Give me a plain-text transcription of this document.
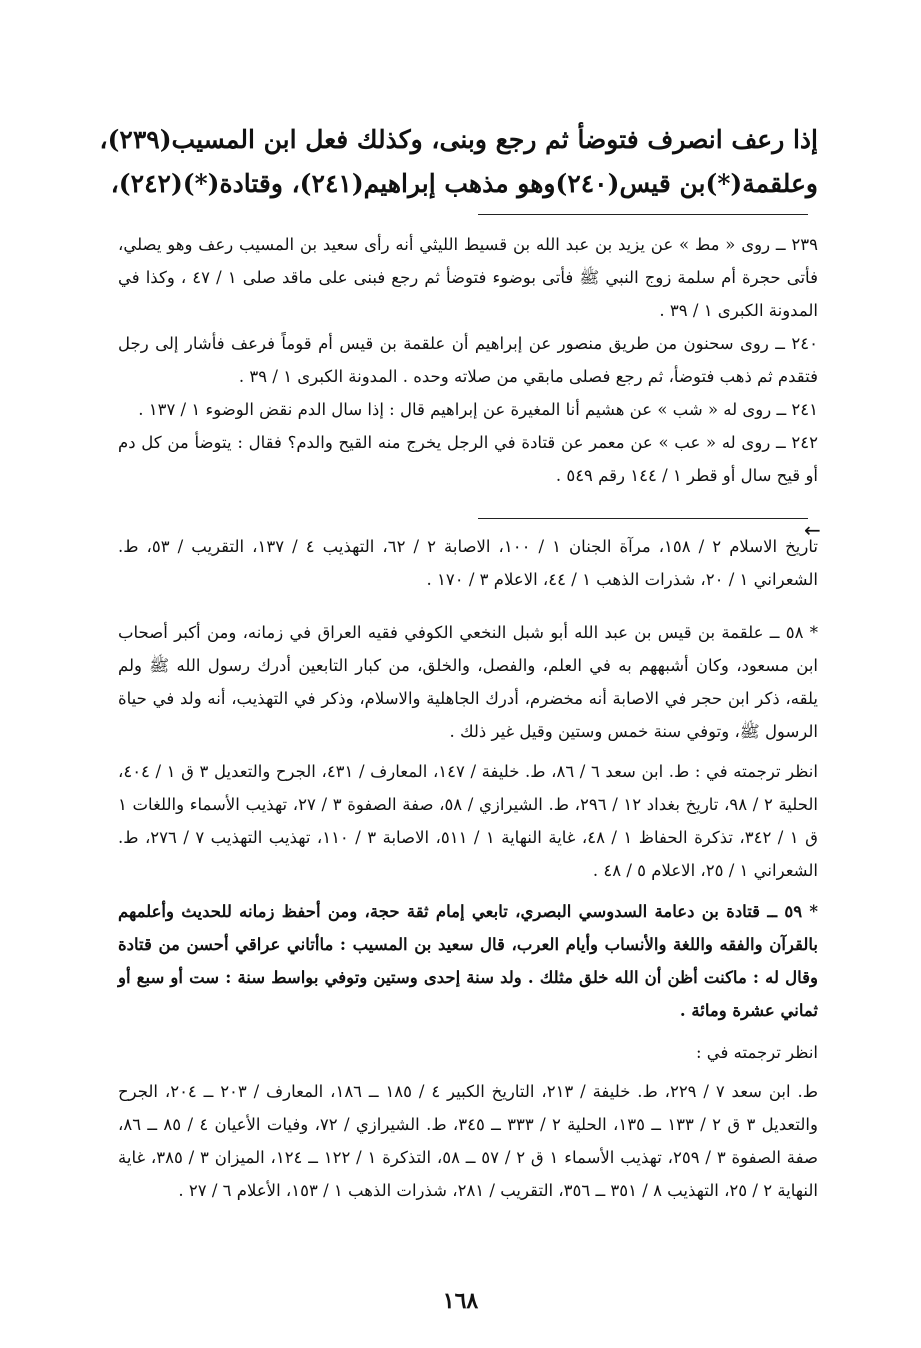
إذا رعف انصرف فتوضأ ثم رجع وبنى، وكذلك فعل ابن المسيب(٢٣٩)،
وعلقمة(*)بن قيس(٢٤٠)وهو مذهب إبراهيم(٢٤١)، وقتادة(*)(٢٤٢)،

٢٣٩ ــ روى « مط » عن يزيد بن عبد الله بن قسيط الليثي أنه رأى سعيد بن المسيب رعف وهو يصلي، فأتى حجرة أم سلمة زوج النبي ﷺ فأتى بوضوء فتوضأ ثم رجع فبنى على ماقد صلى ١ / ٤٧ ، وكذا في المدونة الكبرى ١ / ٣٩ .

٢٤٠ ــ روى سحنون من طريق منصور عن إبراهيم أن علقمة بن قيس أم قوماً فرعف فأشار إلى رجل فتقدم ثم ذهب فتوضأ، ثم رجع فصلى مابقي من صلاته وحده . المدونة الكبرى ١ / ٣٩ .

٢٤١ ــ روى له « شب » عن هشيم أنا المغيرة عن إبراهيم قال : إذا سال الدم نقض الوضوء ١ / ١٣٧ .

٢٤٢ ــ روى له « عب » عن معمر عن قتادة في الرجل يخرج منه القيح والدم؟ فقال : يتوضأ من كل دم أو قيح سال أو قطر ١ / ١٤٤ رقم ٥٤٩ .

←

تاريخ الاسلام ٢ / ١٥٨، مرآة الجنان ١ / ١٠٠، الاصابة ٢ / ٦٢، التهذيب ٤ / ١٣٧، التقريب / ٥٣، ط. الشعراني ١ / ٢٠، شذرات الذهب ١ / ٤٤، الاعلام ٣ / ١٧٠ .

* ٥٨ ــ علقمة بن قيس بن عبد الله أبو شبل النخعي الكوفي فقيه العراق في زمانه، ومن أكبر أصحاب ابن مسعود، وكان أشبههم به في العلم، والفصل، والخلق، من كبار التابعين أدرك رسول الله ﷺ ولم يلقه، ذكر ابن حجر في الاصابة أنه مخضرم، أدرك الجاهلية والاسلام، وذكر في التهذيب، أنه ولد في حياة الرسول ﷺ، وتوفي سنة خمس وستين وقيل غير ذلك .

انظر ترجمته في : ط. ابن سعد ٦ / ٨٦، ط. خليفة / ١٤٧، المعارف / ٤٣١، الجرح والتعديل ٣ ق ١ / ٤٠٤، الحلية ٢ / ٩٨، تاريخ بغداد ١٢ / ٢٩٦، ط. الشيرازي / ٥٨، صفة الصفوة ٣ / ٢٧، تهذيب الأسماء واللغات ١ ق ١ / ٣٤٢، تذكرة الحفاظ ١ / ٤٨، غاية النهاية ١ / ٥١١، الاصابة ٣ / ١١٠، تهذيب التهذيب ٧ / ٢٧٦، ط. الشعراني ١ / ٢٥، الاعلام ٥ / ٤٨ .

* ٥٩ ــ قتادة بن دعامة السدوسي البصري، تابعي إمام ثقة حجة، ومن أحفظ زمانه للحديث وأعلمهم بالقرآن والفقه واللغة والأنساب وأيام العرب، قال سعيد بن المسيب : ماأتاني عراقي أحسن من قتادة وقال له : ماكنت أظن أن الله خلق مثلك . ولد سنة إحدى وستين وتوفي بواسط سنة : ست أو سبع أو ثماني عشرة ومائة .

انظر ترجمته في :

ط. ابن سعد ٧ / ٢٢٩، ط. خليفة / ٢١٣، التاريخ الكبير ٤ / ١٨٥ ــ ١٨٦، المعارف / ٢٠٣ ــ ٢٠٤، الجرح والتعديل ٣ ق ٢ / ١٣٣ ــ ١٣٥، الحلية ٢ / ٣٣٣ ــ ٣٤٥، ط. الشيرازي / ٧٢، وفيات الأعيان ٤ / ٨٥ ــ ٨٦، صفة الصفوة ٣ / ٢٥٩، تهذيب الأسماء ١ ق ٢ / ٥٧ ــ ٥٨، التذكرة ١ / ١٢٢ ــ ١٢٤، الميزان ٣ / ٣٨٥، غاية النهاية ٢ / ٢٥، التهذيب ٨ / ٣٥١ ــ ٣٥٦، التقريب / ٢٨١، شذرات الذهب ١ / ١٥٣، الأعلام ٦ / ٢٧ .

١٦٨
